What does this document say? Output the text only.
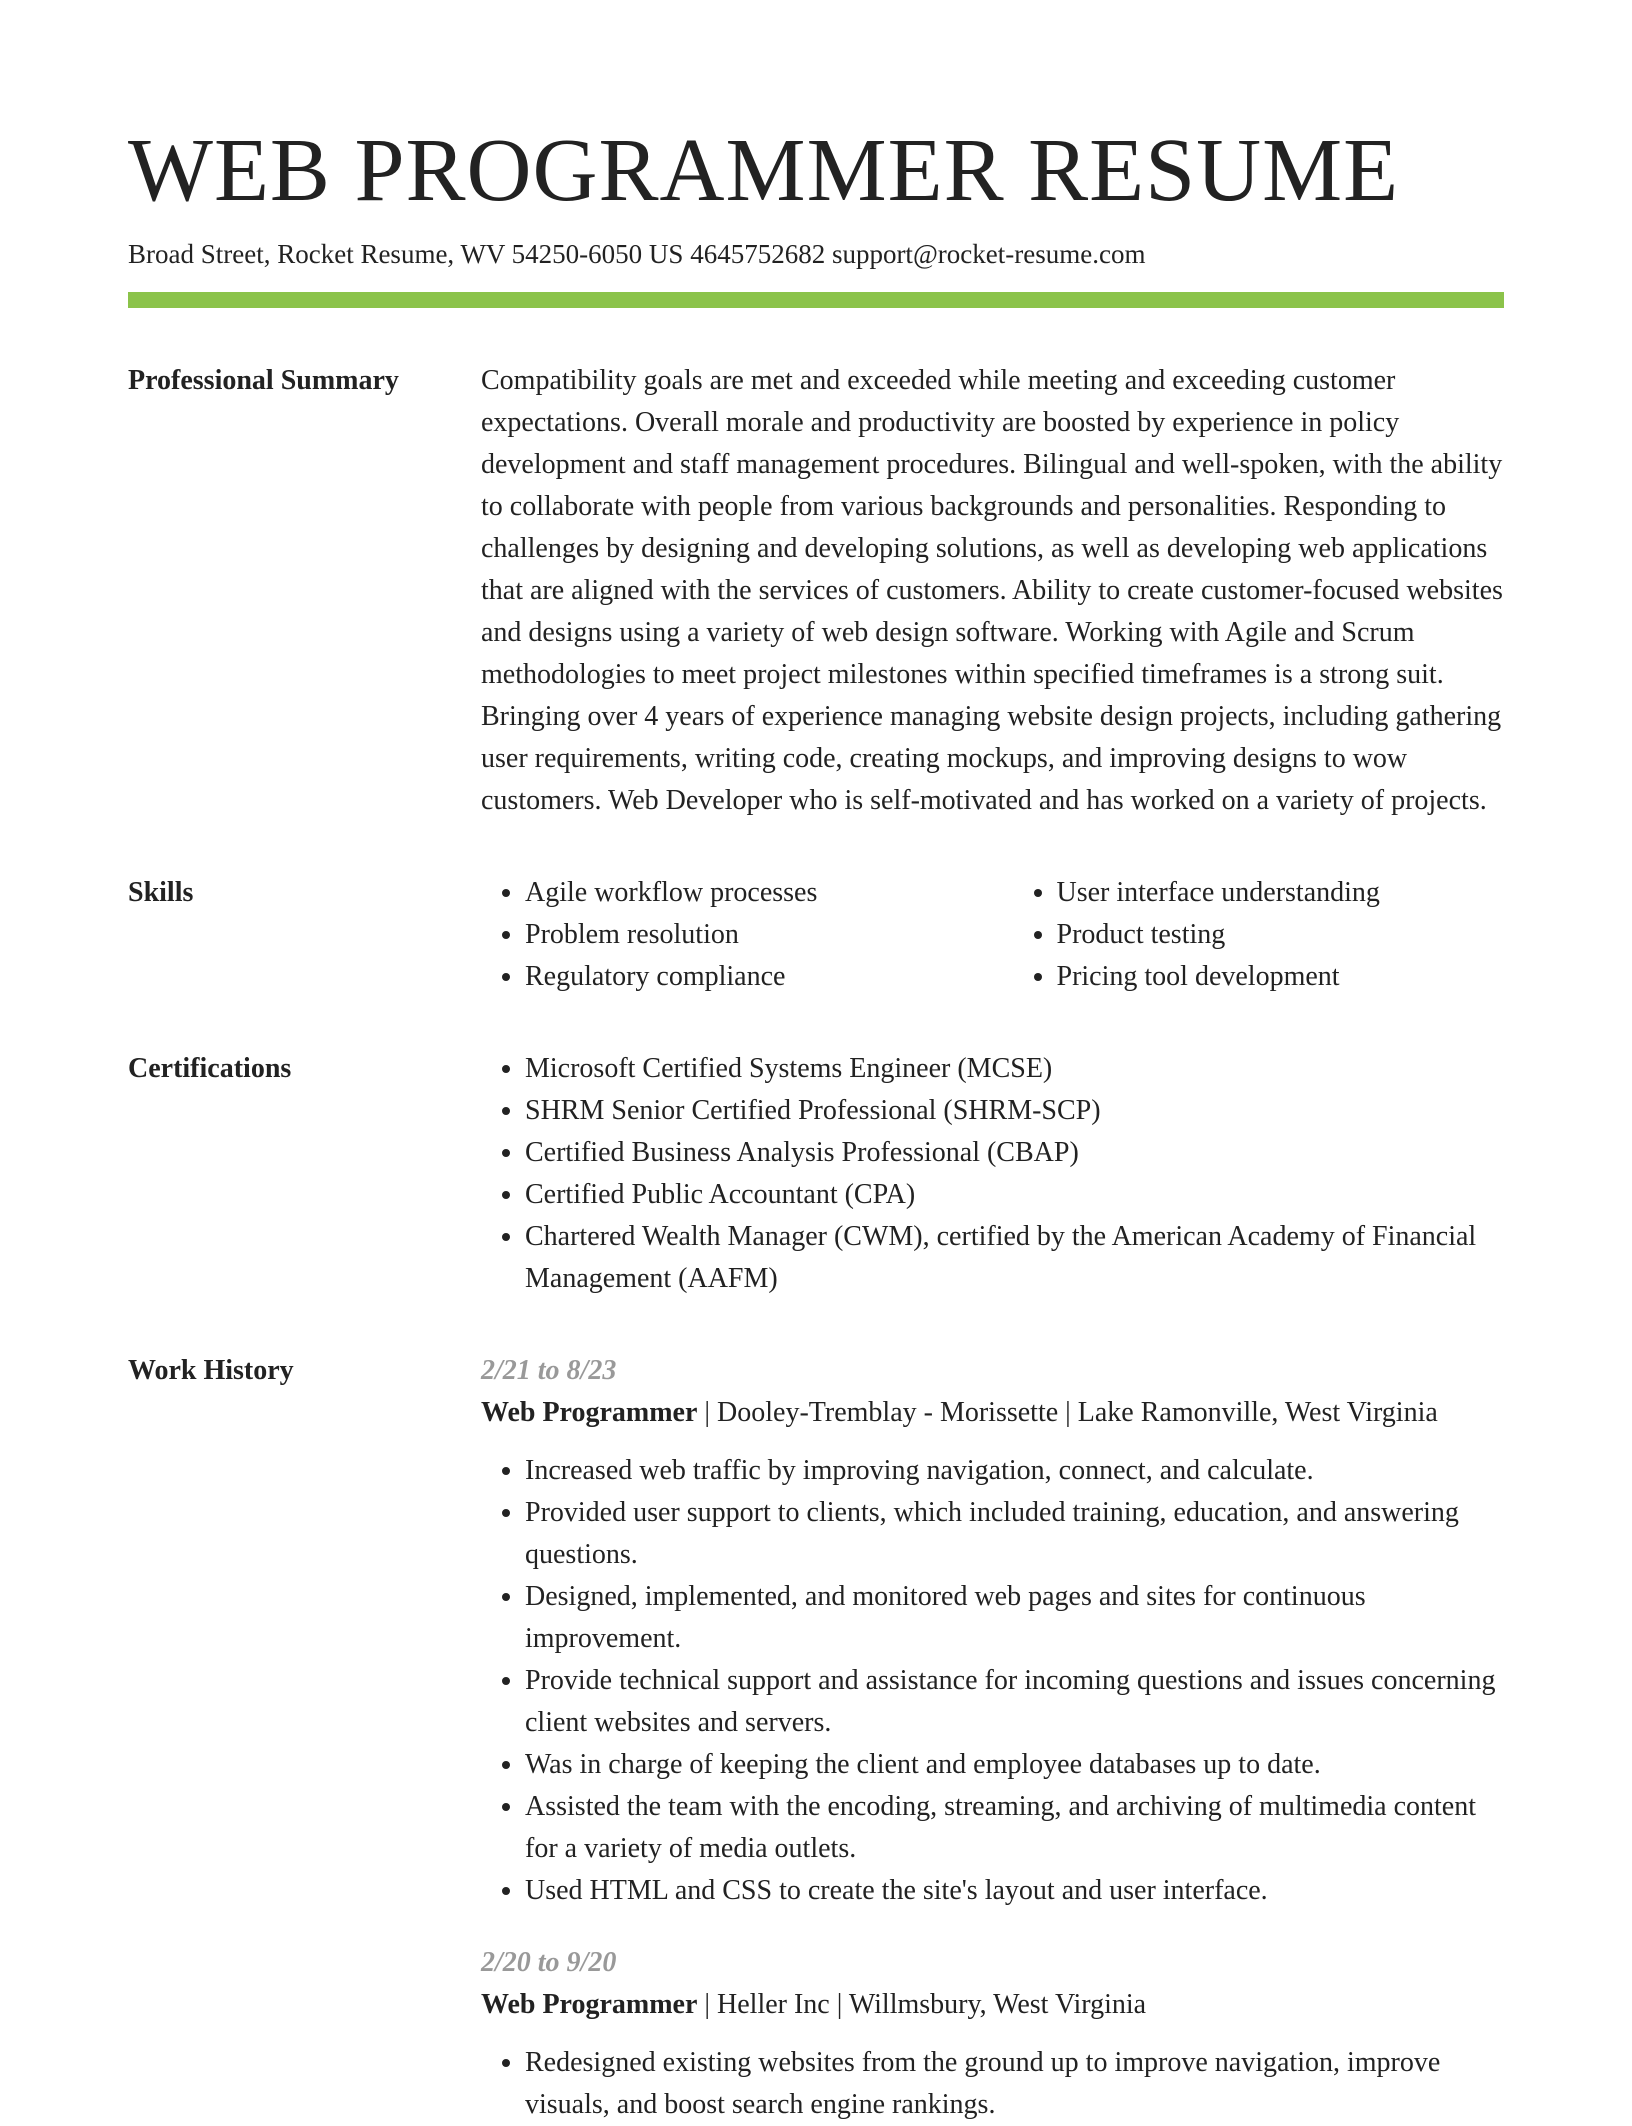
WEB PROGRAMMER RESUME
Broad Street, Rocket Resume, WV 54250-6050 US 4645752682 support@rocket-resume.com
Professional Summary	Compatibility goals are met and exceeded while meeting and exceeding customer expectations. Overall morale and productivity are boosted by experience in policy development and staff management procedures. Bilingual and well-spoken, with the ability to collaborate with people from various backgrounds and personalities. Responding to challenges by designing and developing solutions, as well as developing web applications that are aligned with the services of customers. Ability to create customer-focused websites and designs using a variety of web design software. Working with Agile and Scrum methodologies to meet project milestones within specified timeframes is a strong suit. Bringing over 4 years of experience managing website design projects, including gathering user requirements, writing code, creating mockups, and improving designs to wow customers. Web Developer who is self-motivated and has worked on a variety of projects.

Skills	• Agile workflow processes
• Problem resolution
• Regulatory compliance
• User interface understanding
• Product testing
• Pricing tool development
Certifications	• Microsoft Certified Systems Engineer (MCSE)
• SHRM Senior Certified Professional (SHRM-SCP)
• Certified Business Analysis Professional (CBAP)
• Certified Public Accountant (CPA)
• Chartered Wealth Manager (CWM), certified by the American Academy of Financial Management (AAFM)
Work History	2/21 to 8/23
Web Programmer | Dooley-Tremblay - Morissette | Lake Ramonville, West Virginia
• Increased web traffic by improving navigation, connect, and calculate.
• Provided user support to clients, which included training, education, and answering questions.
• Designed, implemented, and monitored web pages and sites for continuous improvement.
• Provide technical support and assistance for incoming questions and issues concerning client websites and servers.
• Was in charge of keeping the client and employee databases up to date.
• Assisted the team with the encoding, streaming, and archiving of multimedia content for a variety of media outlets.
• Used HTML and CSS to create the site's layout and user interface.
2/20 to 9/20
Web Programmer | Heller Inc | Willmsbury, West Virginia
• Redesigned existing websites from the ground up to improve navigation, improve visuals, and boost search engine rankings.
